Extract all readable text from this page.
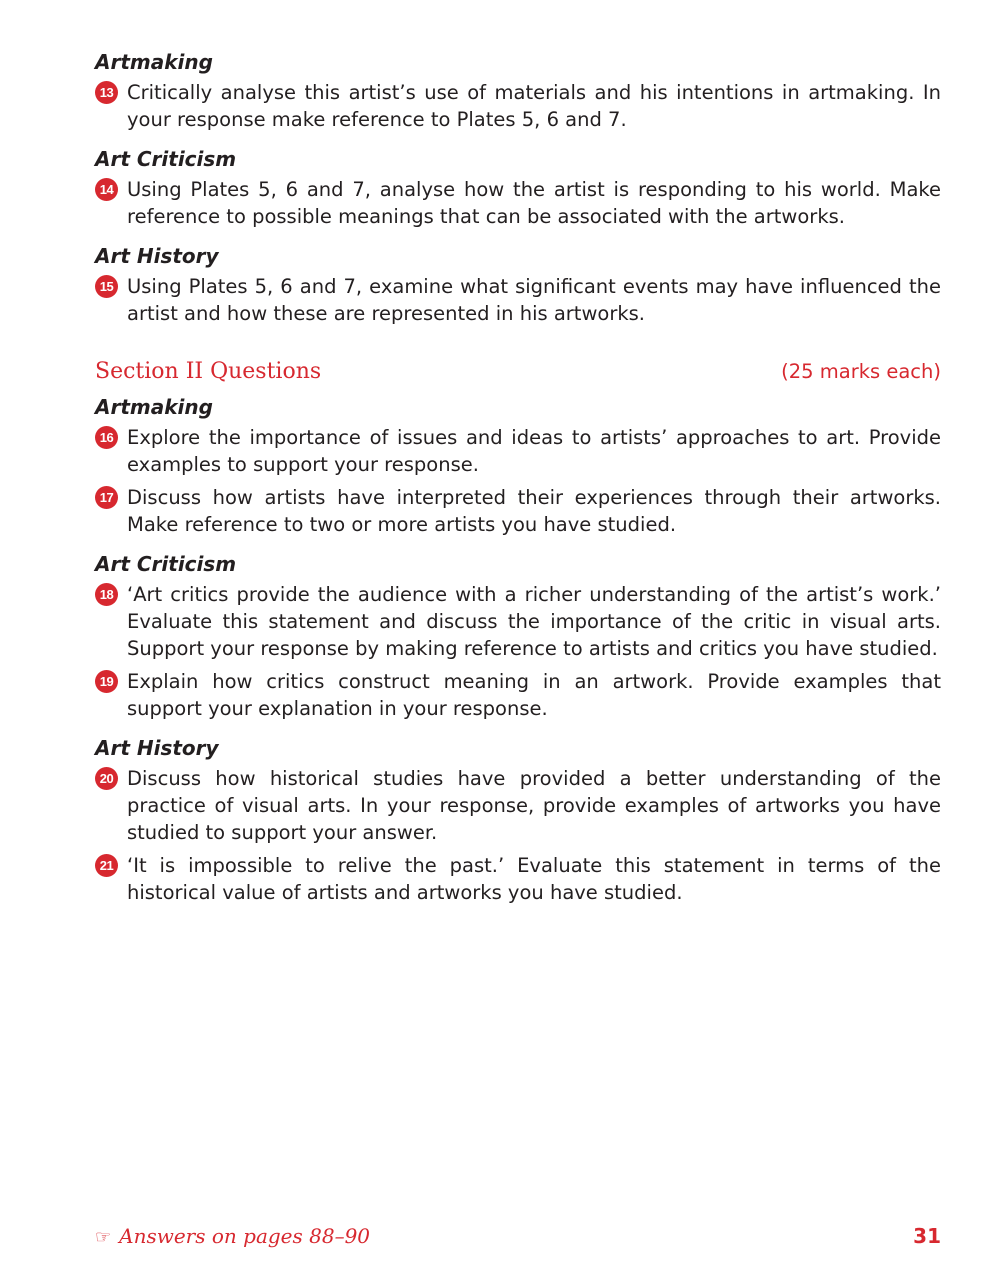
Artmaking

13 Critically analyse this artist’s use of materials and his intentions in artmaking. In your response make reference to Plates 5, 6 and 7.

Art Criticism

14 Using Plates 5, 6 and 7, analyse how the artist is responding to his world. Make reference to possible meanings that can be associated with the artworks.

Art History

15 Using Plates 5, 6 and 7, examine what significant events may have influenced the artist and how these are represented in his artworks.
Section II Questions	(25 marks each)

Artmaking

16 Explore the importance of issues and ideas to artists’ approaches to art. Provide examples to support your response.
17 Discuss how artists have interpreted their experiences through their artworks. Make reference to two or more artists you have studied.

Art Criticism

18 ‘Art critics provide the audience with a richer understanding of the artist’s work.’ Evaluate this statement and discuss the importance of the critic in visual arts. Support your response by making reference to artists and critics you have studied.
19 Explain how critics construct meaning in an artwork. Provide examples that support your explanation in your response.

Art History

20 Discuss how historical studies have provided a better understanding of the practice of visual arts. In your response, provide examples of artworks you have studied to support your answer.
21 ‘It is impossible to relive the past.’ Evaluate this statement in terms of the historical value of artists and artworks you have studied.
☞ Answers on pages 88–90	31
